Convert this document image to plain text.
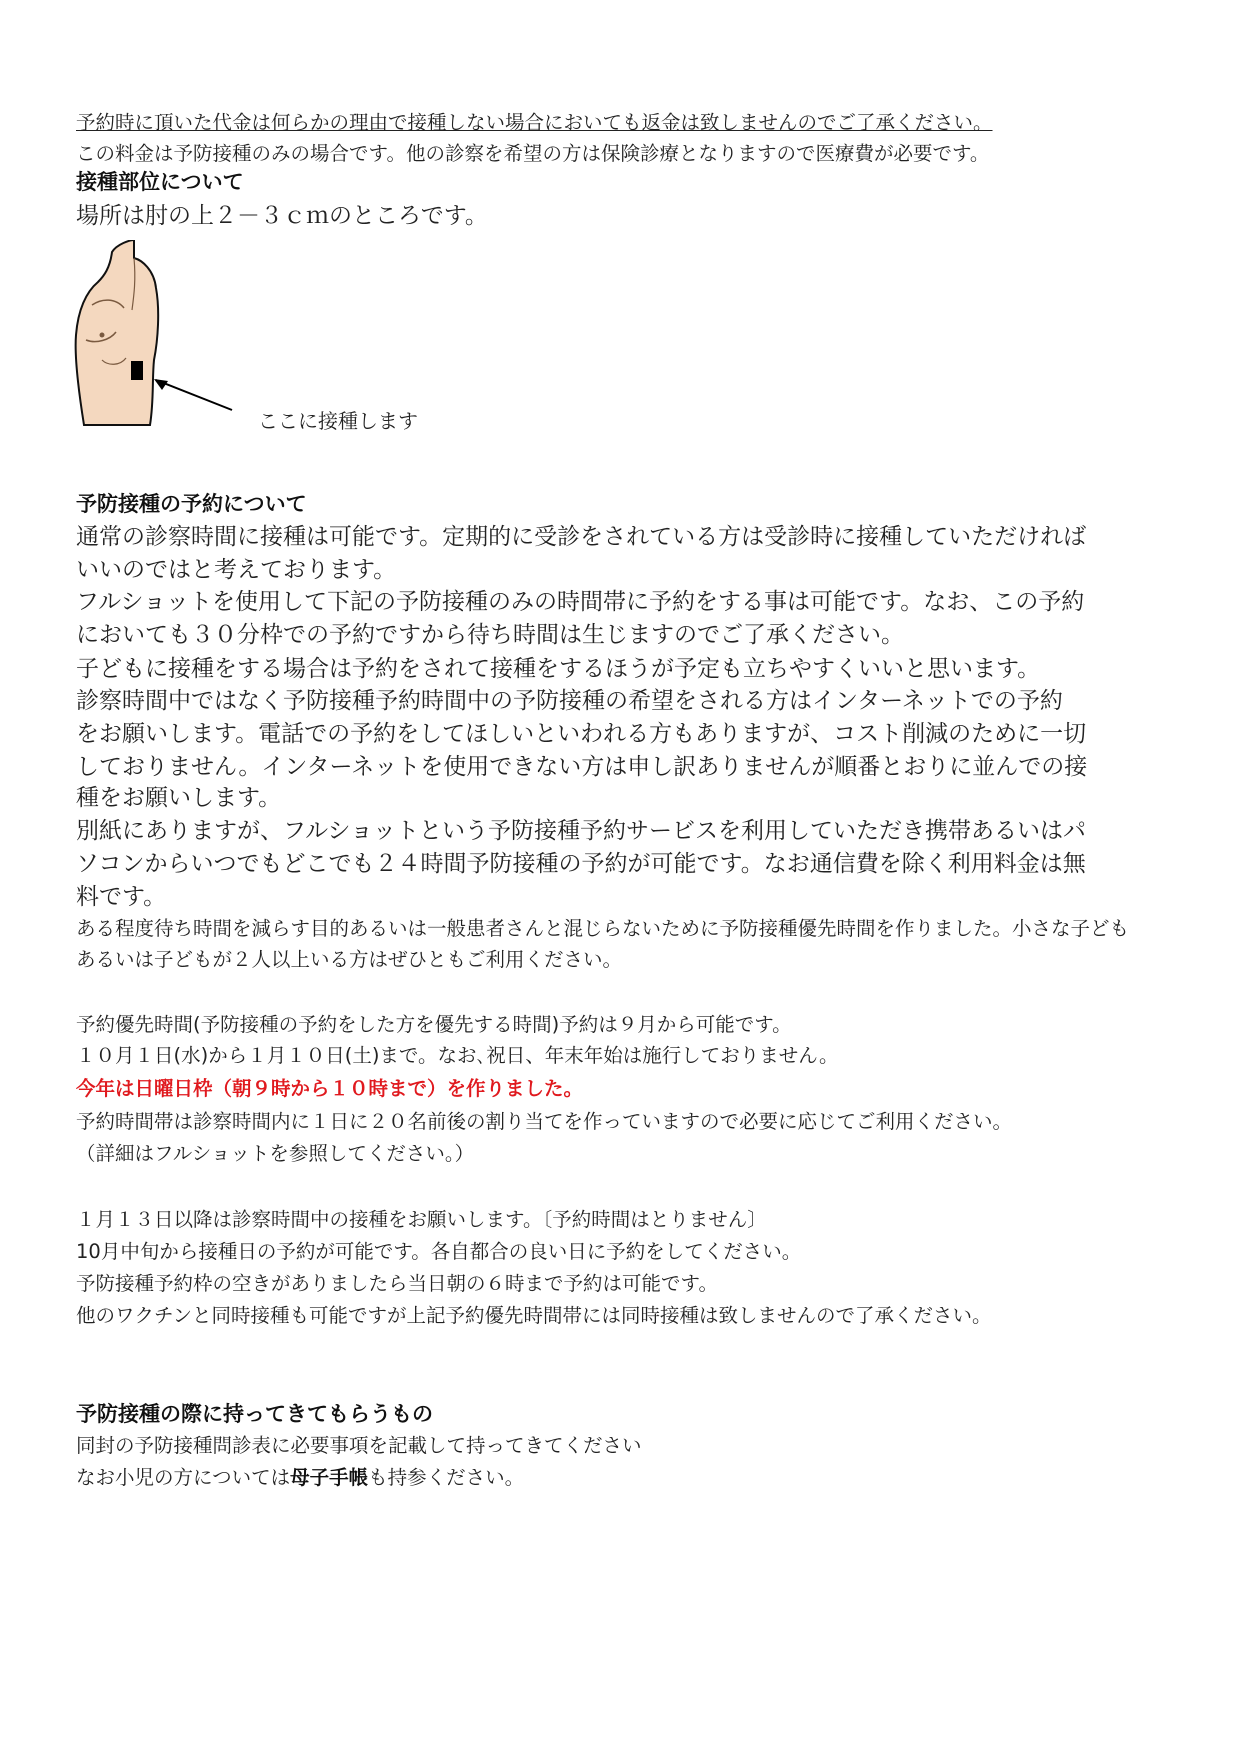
予約時に頂いた代金は何らかの理由で接種しない場合においても返金は致しませんのでご了承ください。
この料金は予防接種のみの場合です。他の診察を希望の方は保険診療となりますので医療費が必要です。
接種部位について
場所は肘の上２－３ｃｍのところです。
ここに接種します
予防接種の予約について
通常の診察時間に接種は可能です。定期的に受診をされている方は受診時に接種していただければ
いいのではと考えております。
フルショットを使用して下記の予防接種のみの時間帯に予約をする事は可能です。なお、この予約
においても３０分枠での予約ですから待ち時間は生じますのでご了承ください。
子どもに接種をする場合は予約をされて接種をするほうが予定も立ちやすくいいと思います。
診察時間中ではなく予防接種予約時間中の予防接種の希望をされる方はインターネットでの予約
をお願いします。電話での予約をしてほしいといわれる方もありますが、コスト削減のために一切
しておりません。インターネットを使用できない方は申し訳ありませんが順番とおりに並んでの接
種をお願いします。
別紙にありますが、フルショットという予防接種予約サービスを利用していただき携帯あるいはパ
ソコンからいつでもどこでも２４時間予防接種の予約が可能です。なお通信費を除く利用料金は無
料です。
ある程度待ち時間を減らす目的あるいは一般患者さんと混じらないために予防接種優先時間を作りました。小さな子ども
あるいは子どもが２人以上いる方はぜひともご利用ください。
予約優先時間(予防接種の予約をした方を優先する時間)予約は９月から可能です。
１０月１日(水)から１月１０日(土)まで。なお､祝日、年末年始は施行しておりません。
今年は日曜日枠（朝９時から１０時まで）を作りました。
予約時間帯は診察時間内に１日に２０名前後の割り当てを作っていますので必要に応じてご利用ください。
（詳細はフルショットを参照してください。）
１月１３日以降は診察時間中の接種をお願いします。〔予約時間はとりません〕
10月中旬から接種日の予約が可能です。各自都合の良い日に予約をしてください。
予防接種予約枠の空きがありましたら当日朝の６時まで予約は可能です。
他のワクチンと同時接種も可能ですが上記予約優先時間帯には同時接種は致しませんので了承ください。
予防接種の際に持ってきてもらうもの
同封の予防接種問診表に必要事項を記載して持ってきてください
なお小児の方については母子手帳も持参ください。
